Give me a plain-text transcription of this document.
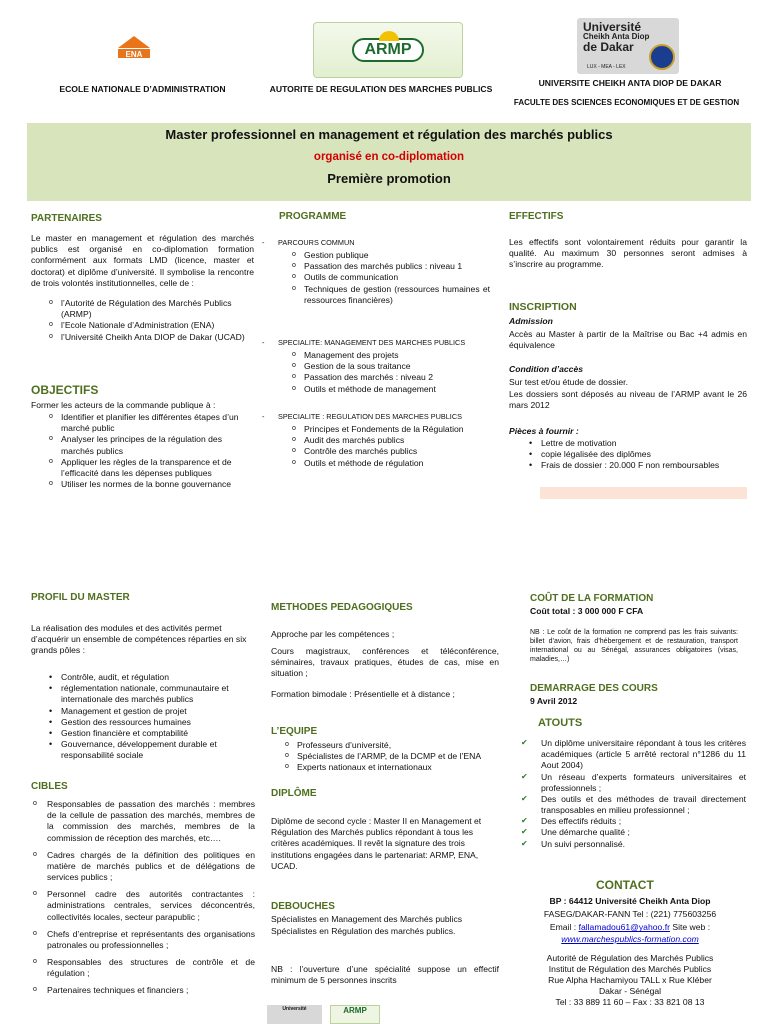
ENA	ARMP
Université
Cheikh Anta Diop
de Dakar
LUX - MEA - LEX
ECOLE NATIONALE D’ADMINISTRATION	AUTORITE DE REGULATION DES MARCHES PUBLICS
UNIVERSITE CHEIKH ANTA DIOP DE DAKAR
FACULTE DES SCIENCES ECONOMIQUES ET DE GESTION
Master professionnel en management et régulation des marchés publics
organisé en co-diplomation
Première promotion
PARTENAIRES
Le master en management et régulation des marchés publics est organisé en co-diplomation formation conformément aux formats LMD (licence, master et doctorat) et diplôme d’université. Il symbolise la rencontre de trois volontés institutionnelles, celle de :
o l’Autorité de Régulation des Marchés Publics (ARMP)
o l’Ecole Nationale d’Administration (ENA)
o l’Université Cheikh Anta DIOP de Dakar (UCAD)
OBJECTIFS
Former les acteurs de la commande publique à :
o Identifier et planifier les différentes étapes d’un marché public
o Analyser les principes de la régulation des marchés publics
o Appliquer les règles de la transparence et de l’efficacité dans les dépenses publiques
o Utiliser les normes de la bonne gouvernance
PROGRAMME
- PARCOURS COMMUN
o Gestion publique
o Passation des marchés publics : niveau 1
o Outils de communication
o Techniques de gestion (ressources humaines et ressources financières)
- SPECIALITE: MANAGEMENT DES MARCHES PUBLICS
o Management des projets
o Gestion de la sous traitance
o Passation des marchés : niveau 2
o Outils et méthode de management
- SPECIALITE : REGULATION DES MARCHES PUBLICS
o Principes et Fondements de la Régulation
o Audit des marchés publics
o Contrôle des marchés publics
o Outils et méthode de régulation
EFFECTIFS
Les effectifs sont volontairement réduits pour garantir la qualité. Au maximum 30 personnes seront admises à s’inscrire au programme.
INSCRIPTION
Admission
Accès au Master à partir de la Maîtrise ou Bac +4 admis en équivalence
Condition d’accès
Sur test et/ou étude de dossier.
Les dossiers sont déposés au niveau de l’ARMP avant le 26 mars 2012
Pièces à fournir :
• Lettre de motivation
• copie légalisée des diplômes
• Frais de dossier : 20.000 F non remboursables
PROFIL DU MASTER
La réalisation des modules et des activités permet d’acquérir un ensemble de compétences réparties en six grands pôles :
• Contrôle, audit, et régulation
• réglementation nationale, communautaire et internationale des marchés publics
• Management et gestion de projet
• Gestion des ressources humaines
• Gestion financière et comptabilité
• Gouvernance, développement durable et responsabilité sociale
CIBLES
o Responsables de passation des marchés : membres de la cellule de passation des marchés, membres de la commission des marchés, membres de la commission de réception des marchés, etc….
o Cadres chargés de la définition des politiques en matière de marchés publics et de délégations de services publics ;
o Personnel cadre des autorités contractantes : administrations centrales, services déconcentrés, collectivités locales, secteur parapublic ;
o Chefs d’entreprise et représentants des organisations patronales ou professionnelles ;
o Responsables des structures de contrôle et de régulation ;
o Partenaires techniques et financiers ;
METHODES PEDAGOGIQUES
Approche par les compétences ;
Cours magistraux, conférences et téléconférence, séminaires, travaux pratiques, études de cas, mise en situation ;
Formation bimodale : Présentielle et à distance ;
L’EQUIPE
o Professeurs d’université,
o Spécialistes de l’ARMP, de la DCMP et de l’ENA
o Experts nationaux et internationaux
DIPLÔME
Diplôme de second cycle : Master II en Management et Régulation des Marchés publics répondant à tous les critères académiques. Il revêt la signature des trois institutions engagées dans le partenariat: ARMP, ENA, UCAD.
DEBOUCHES
Spécialistes en Management des Marchés publics
Spécialistes en Régulation des marchés publics.
NB : l’ouverture d’une spécialité suppose un effectif minimum de 5 personnes inscrits
Université	ARMP
COÛT DE LA FORMATION
Coût total : 3 000 000 F CFA
NB : Le coût de la formation ne comprend pas les frais suivants: billet d’avion, frais d’hébergement et de restauration, transport international ou au Sénégal, assurances obligatoires (visas, maladies,…)
DEMARRAGE DES COURS
9 Avril 2012
ATOUTS
✔ Un diplôme universitaire répondant à tous les critères académiques (article 5 arrêté rectoral n°1286 du 11 Aout 2004)
✔ Un réseau d’experts formateurs universitaires et professionnels ;
✔ Des outils et des méthodes de travail directement transposables en milieu professionnel ;
✔ Des effectifs réduits ;
✔ Une démarche qualité ;
✔ Un suivi personnalisé.
CONTACT
BP : 64412 Université Cheikh Anta Diop
FASEG/DAKAR-FANN Tel : (221) 775603256
Email : fallamadou61@yahoo.fr Site web :
www.marchespublics-formation.com
Autorité de Régulation des Marchés Publics
Institut de Régulation des Marchés Publics
Rue Alpha Hachamiyou TALL x Rue Kléber
Dakar - Sénégal
Tel : 33 889 11 60 – Fax : 33 821 08 13
